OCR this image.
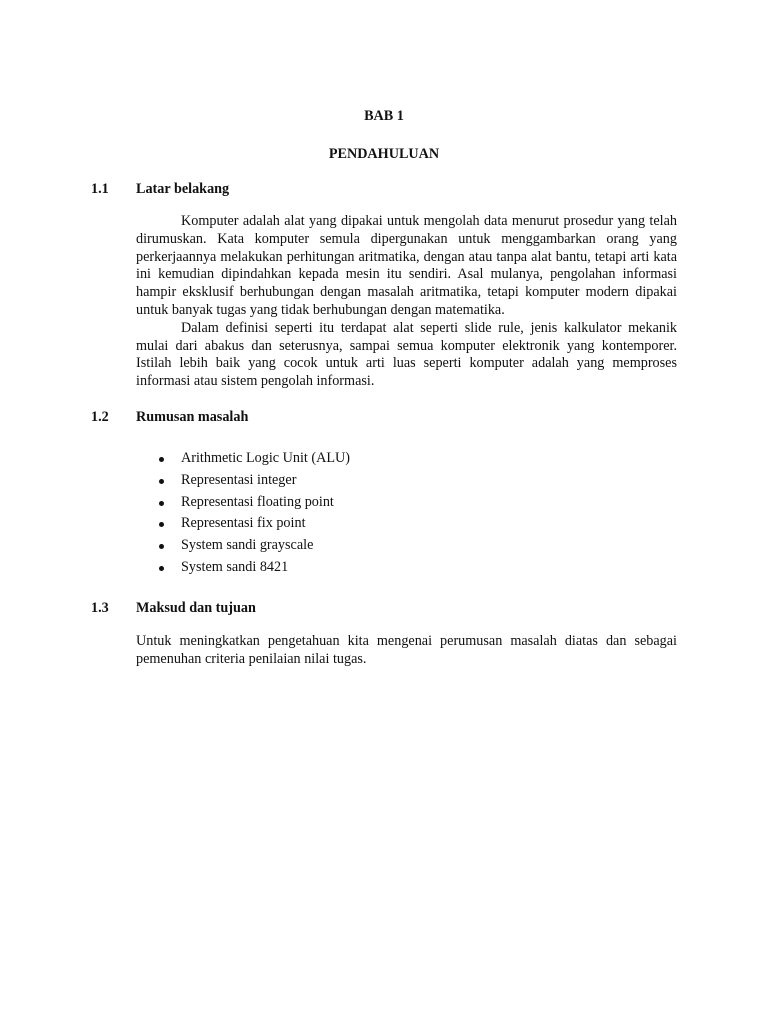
BAB 1
PENDAHULUAN
1.1 Latar belakang

Komputer adalah alat yang dipakai untuk mengolah data menurut prosedur yang telah dirumuskan. Kata komputer semula dipergunakan untuk menggambarkan orang yang perkerjaannya melakukan perhitungan aritmatika, dengan atau tanpa alat bantu, tetapi arti kata ini kemudian dipindahkan kepada mesin itu sendiri. Asal mulanya, pengolahan informasi hampir eksklusif berhubungan dengan masalah aritmatika, tetapi komputer modern dipakai untuk banyak tugas yang tidak berhubungan dengan matematika.

Dalam definisi seperti itu terdapat alat seperti slide rule, jenis kalkulator mekanik mulai dari abakus dan seterusnya, sampai semua komputer elektronik yang kontemporer. Istilah lebih baik yang cocok untuk arti luas seperti komputer adalah yang memproses informasi atau sistem pengolah informasi.

1.2 Rumusan masalah
Arithmetic Logic Unit (ALU)
Representasi integer
Representasi floating point
Representasi fix point
System sandi grayscale
System sandi 8421
1.3 Maksud dan tujuan

Untuk meningkatkan pengetahuan kita mengenai perumusan masalah diatas dan sebagai pemenuhan criteria penilaian nilai tugas.
